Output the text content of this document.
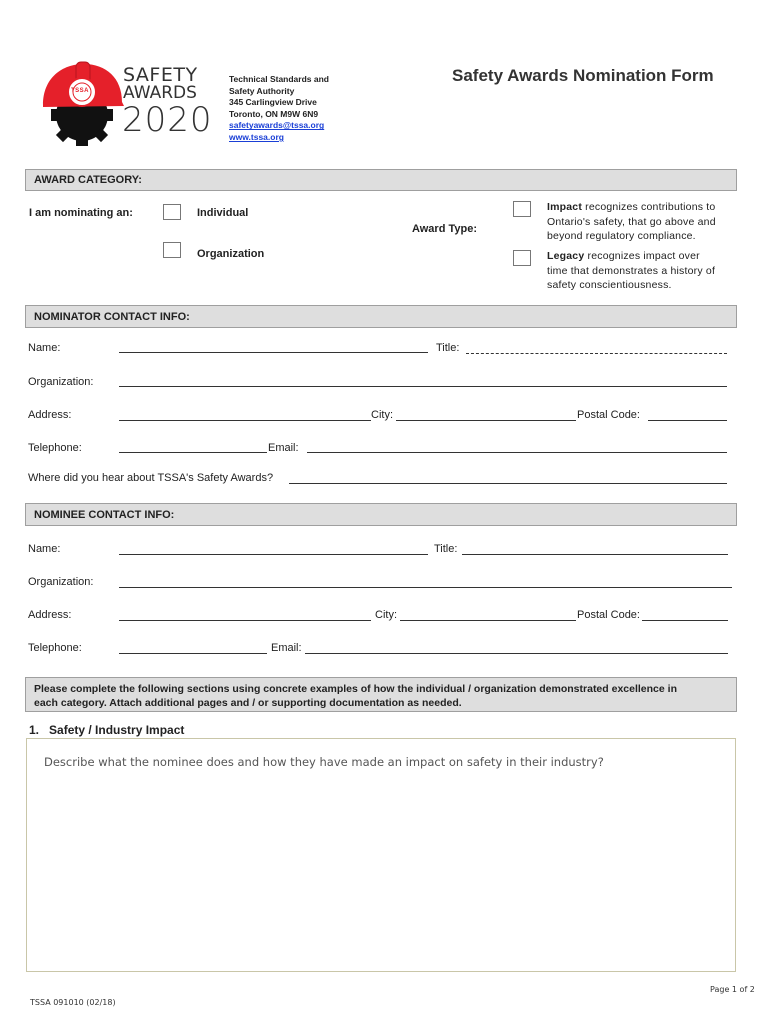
TSSA
SAFETY
AWARDS
2020
Technical Standards and
Safety Authority
345 Carlingview Drive
Toronto, ON M9W 6N9
safetyawards@tssa.org
www.tssa.org
Safety Awards Nomination Form
AWARD CATEGORY:
I am nominating an:	Individual
Organization
Award Type:
Impact recognizes contributions to
Ontario's safety, that go above and
beyond regulatory compliance.
Legacy recognizes impact over
time that demonstrates a history of
safety conscientiousness.
NOMINATOR CONTACT INFO:
Name:	Title:
Organization:
Address:	City:	Postal Code:
Telephone:	Email:
Where did you hear about TSSA's Safety Awards?
NOMINEE CONTACT INFO:
Name:	Title:
Organization:
Address:	City:	Postal Code:
Telephone:	Email:
Please complete the following sections using concrete examples of how the individual / organization demonstrated excellence in
each category. Attach additional pages and / or supporting documentation as needed.
1. Safety / Industry Impact
Describe what the nominee does and how they have made an impact on safety in their industry?
Page 1 of 2
TSSA 091010 (02/18)
